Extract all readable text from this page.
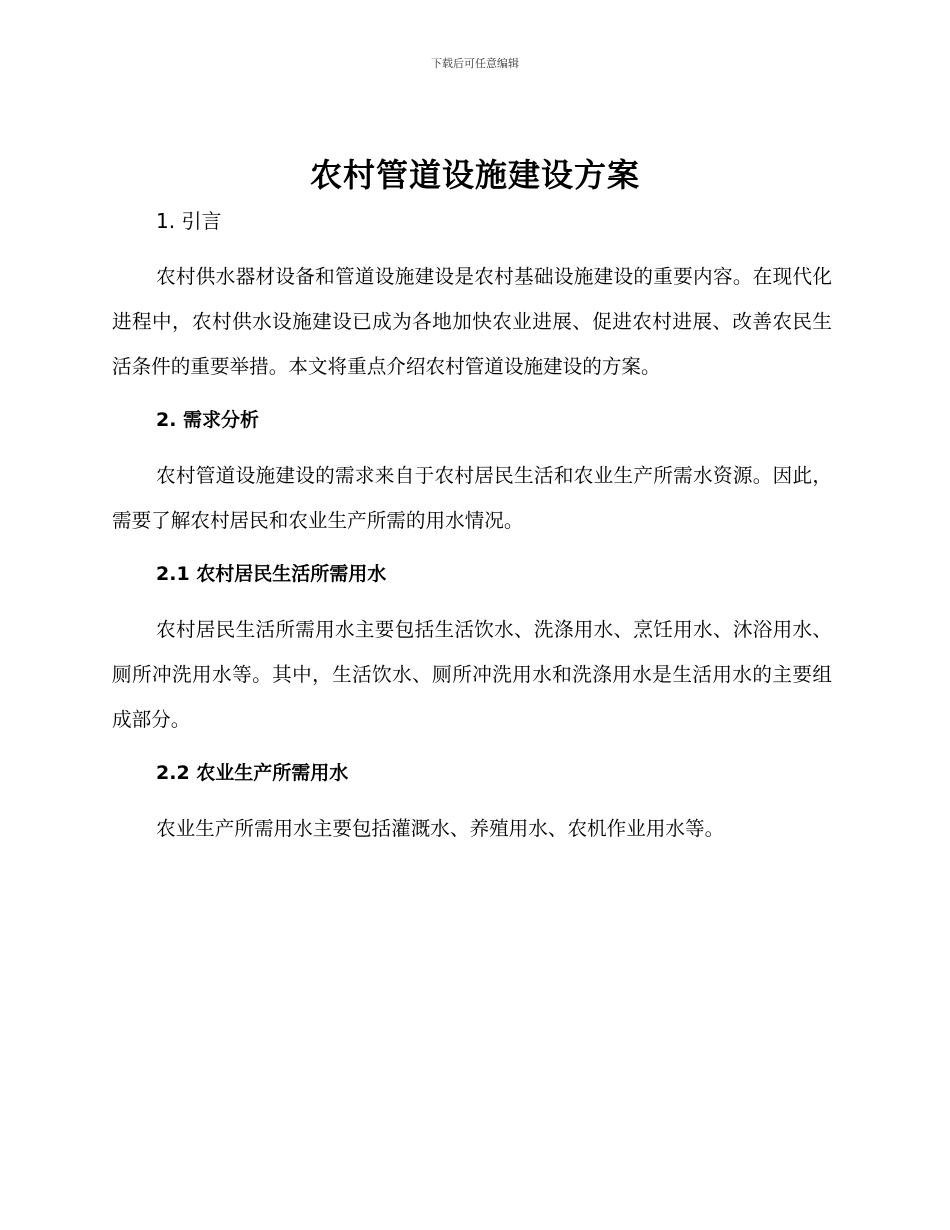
下载后可任意编辑
农村管道设施建设方案
1. 引言

农村供水器材设备和管道设施建设是农村基础设施建设的重要内容。在现代化进程中，农村供水设施建设已成为各地加快农业进展、促进农村进展、改善农民生活条件的重要举措。本文将重点介绍农村管道设施建设的方案。

2. 需求分析

农村管道设施建设的需求来自于农村居民生活和农业生产所需水资源。因此，需要了解农村居民和农业生产所需的用水情况。

2.1 农村居民生活所需用水

农村居民生活所需用水主要包括生活饮水、洗涤用水、烹饪用水、沐浴用水、厕所冲洗用水等。其中，生活饮水、厕所冲洗用水和洗涤用水是生活用水的主要组成部分。

2.2 农业生产所需用水

农业生产所需用水主要包括灌溉水、养殖用水、农机作业用水等。
